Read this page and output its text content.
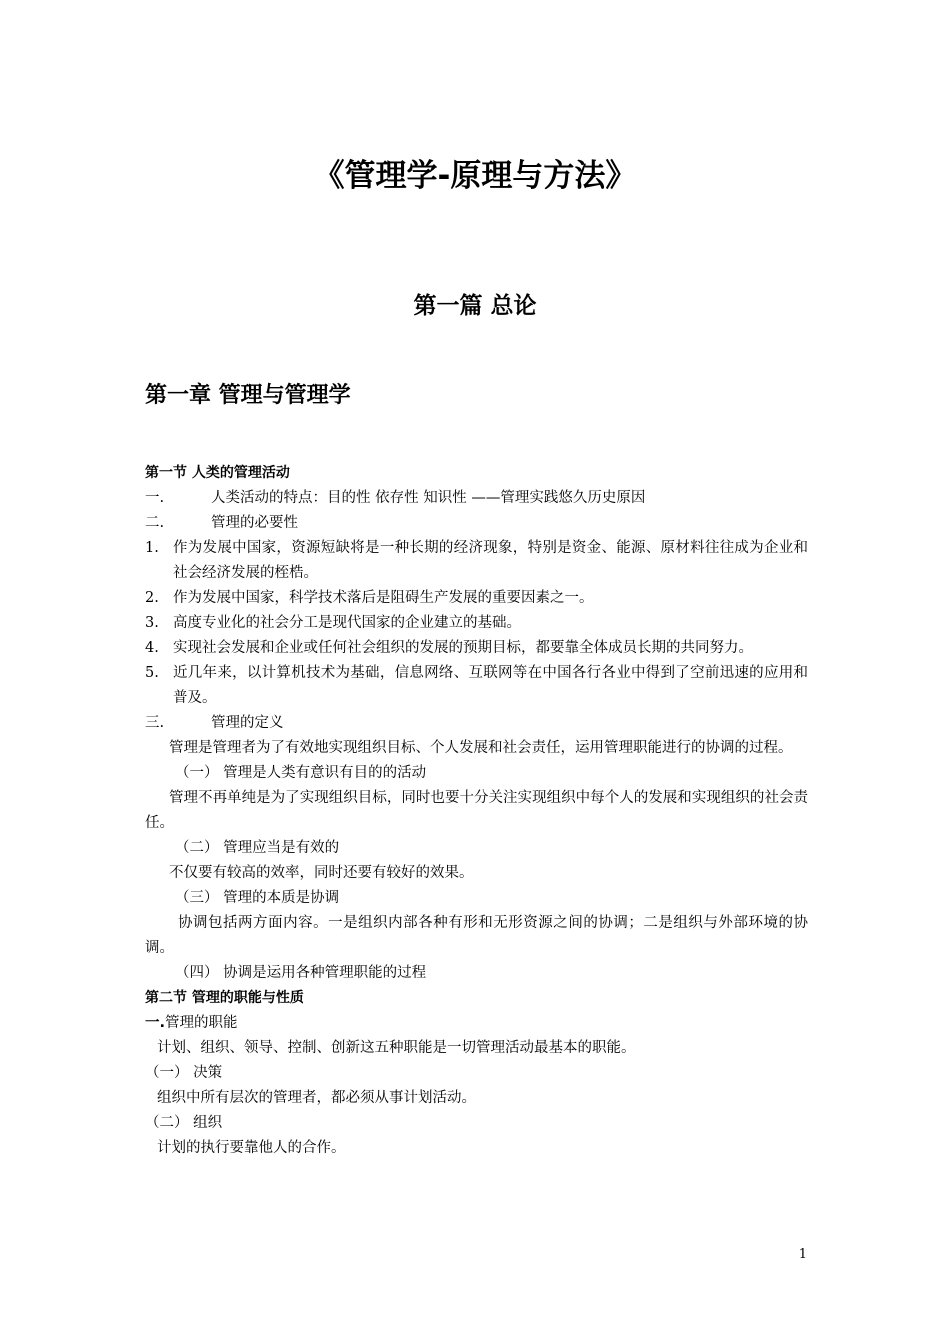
《管理学-原理与方法》
第一篇 总论
第一章 管理与管理学
第一节 人类的管理活动
一.	人类活动的特点：目的性 依存性 知识性 ——管理实践悠久历史原因
二.	管理的必要性
1. 作为发展中国家，资源短缺将是一种长期的经济现象，特别是资金、能源、原材料往往成为企业和社会经济发展的桎梏。
2. 作为发展中国家，科学技术落后是阻碍生产发展的重要因素之一。
3. 高度专业化的社会分工是现代国家的企业建立的基础。
4. 实现社会发展和企业或任何社会组织的发展的预期目标，都要靠全体成员长期的共同努力。
5. 近几年来，以计算机技术为基础，信息网络、互联网等在中国各行各业中得到了空前迅速的应用和普及。
三.	管理的定义
管理是管理者为了有效地实现组织目标、个人发展和社会责任，运用管理职能进行的协调的过程。
（一） 管理是人类有意识有目的的活动
管理不再单纯是为了实现组织目标，同时也要十分关注实现组织中每个人的发展和实现组织的社会责任。
（二） 管理应当是有效的
不仅要有较高的效率，同时还要有较好的效果。
（三） 管理的本质是协调
协调包括两方面内容。一是组织内部各种有形和无形资源之间的协调；二是组织与外部环境的协调。
（四） 协调是运用各种管理职能的过程
第二节 管理的职能与性质
一.管理的职能
计划、组织、领导、控制、创新这五种职能是一切管理活动最基本的职能。
（一） 决策
组织中所有层次的管理者，都必须从事计划活动。
（二） 组织
计划的执行要靠他人的合作。
1
